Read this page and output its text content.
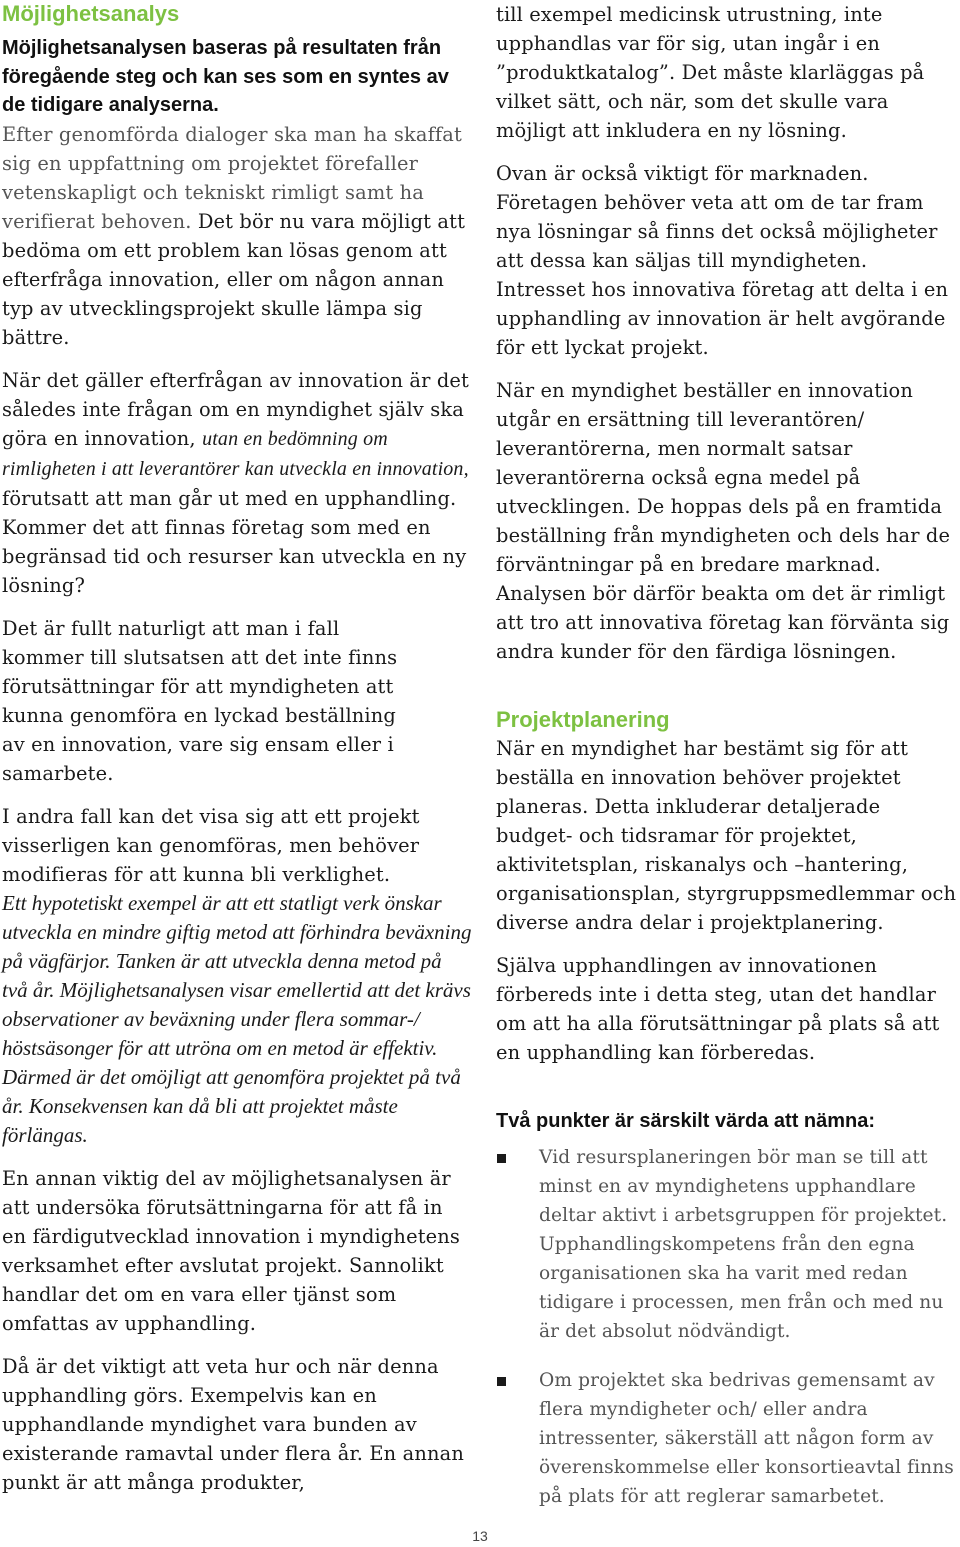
Möjlighetsanalys

Möjlighetsanalysen baseras på resultaten från föregående steg och kan ses som en syntes av de tidigare analyserna.

Efter genomförda dialoger ska man ha skaffat sig en uppfattning om projektet förefaller vetenskapligt och tekniskt rimligt samt ha verifierat behoven. Det bör nu vara möjligt att bedöma om ett problem kan lösas genom att efterfråga innovation, eller om någon annan typ av utvecklingsprojekt skulle lämpa sig bättre.

När det gäller efterfrågan av innovation är det således inte frågan om en myndighet själv ska göra en innovation, utan en bedömning om rimligheten i att leverantörer kan utveckla en innovation, förutsatt att man går ut med en upphandling. Kommer det att finnas företag som med en begränsad tid och resurser kan utveckla en ny lösning?

Det är fullt naturligt att man i fall kommer till slutsatsen att det inte finns förutsättningar för att myndigheten att kunna genomföra en lyckad beställning av en innovation, vare sig ensam eller i samarbete.

I andra fall kan det visa sig att ett projekt visserligen kan genomföras, men behöver modifieras för att kunna bli verklighet.

Ett hypotetiskt exempel är att ett statligt verk önskar utveckla en mindre giftig metod att förhindra beväxning på vägfärjor. Tanken är att utveckla denna metod på två år. Möjlighetsanalysen visar emellertid att det krävs observationer av beväxning under flera sommar-/ höstsäsonger för att utröna om en metod är effektiv. Därmed är det omöjligt att genomföra projektet på två år. Konsekvensen kan då bli att projektet måste förlängas.

En annan viktig del av möjlighetsanalysen är att undersöka förutsättningarna för att få in en färdigutvecklad innovation i myndighetens verksamhet efter avslutat projekt. Sannolikt handlar det om en vara eller tjänst som omfattas av upphandling.

Då är det viktigt att veta hur och när denna upphandling görs. Exempelvis kan en upphandlande myndighet vara bunden av existerande ramavtal under flera år. En annan punkt är att många produkter,

till exempel medicinsk utrustning, inte upphandlas var för sig, utan ingår i en ”produktkatalog”. Det måste klarläggas på vilket sätt, och när, som det skulle vara möjligt att inkludera en ny lösning.

Ovan är också viktigt för marknaden. Företagen behöver veta att om de tar fram nya lösningar så finns det också möjligheter att dessa kan säljas till myndigheten. Intresset hos innovativa företag att delta i en upphandling av innovation är helt avgörande för ett lyckat projekt.

När en myndighet beställer en innovation utgår en ersättning till leverantören/ leverantörerna, men normalt satsar leverantörerna också egna medel på utvecklingen. De hoppas dels på en framtida beställning från myndigheten och dels har de förväntningar på en bredare marknad. Analysen bör därför beakta om det är rimligt att tro att innovativa företag kan förvänta sig andra kunder för den färdiga lösningen.

Projektplanering

När en myndighet har bestämt sig för att beställa en innovation behöver projektet planeras. Detta inkluderar detaljerade budget- och tidsramar för projektet, aktivitetsplan, riskanalys och –hantering, organisationsplan, styrgruppsmedlemmar och diverse andra delar i projektplanering.

Själva upphandlingen av innovationen förbereds inte i detta steg, utan det handlar om att ha alla förutsättningar på plats så att en upphandling kan förberedas.

Två punkter är särskilt värda att nämna:
Vid resursplaneringen bör man se till att minst en av myndighetens upphandlare deltar aktivt i arbetsgruppen för projektet. Upphandlingskompetens från den egna organisationen ska ha varit med redan tidigare i processen, men från och med nu är det absolut nödvändigt.
Om projektet ska bedrivas gemensamt av flera myndigheter och/ eller andra intressenter, säkerställ att någon form av överenskommelse eller konsortieavtal finns på plats för att reglerar samarbetet.
13
